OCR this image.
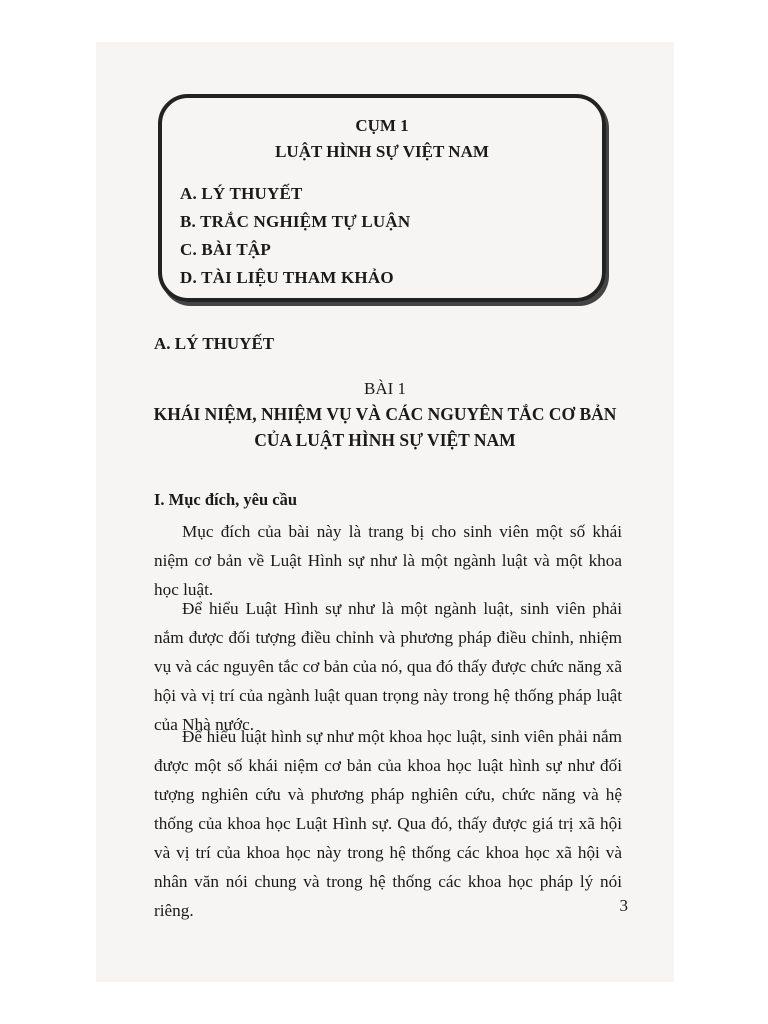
CỤM 1
LUẬT HÌNH SỰ VIỆT NAM
A. LÝ THUYẾT
B. TRẮC NGHIỆM TỰ LUẬN
C. BÀI TẬP
D. TÀI LIỆU THAM KHẢO
A. LÝ THUYẾT
BÀI 1
KHÁI NIỆM, NHIỆM VỤ VÀ CÁC NGUYÊN TẮC CƠ BẢN
CỦA LUẬT HÌNH SỰ VIỆT NAM
I. Mục đích, yêu cầu

Mục đích của bài này là trang bị cho sinh viên một số khái niệm cơ bản về Luật Hình sự như là một ngành luật và một khoa học luật.

Để hiểu Luật Hình sự như là một ngành luật, sinh viên phải nắm được đối tượng điều chỉnh và phương pháp điều chỉnh, nhiệm vụ và các nguyên tắc cơ bản của nó, qua đó thấy được chức năng xã hội và vị trí của ngành luật quan trọng này trong hệ thống pháp luật của Nhà nước.

Để hiểu luật hình sự như một khoa học luật, sinh viên phải nắm được một số khái niệm cơ bản của khoa học luật hình sự như đối tượng nghiên cứu và phương pháp nghiên cứu, chức năng và hệ thống của khoa học Luật Hình sự. Qua đó, thấy được giá trị xã hội và vị trí của khoa học này trong hệ thống các khoa học xã hội và nhân văn nói chung và trong hệ thống các khoa học pháp lý nói riêng.	3
